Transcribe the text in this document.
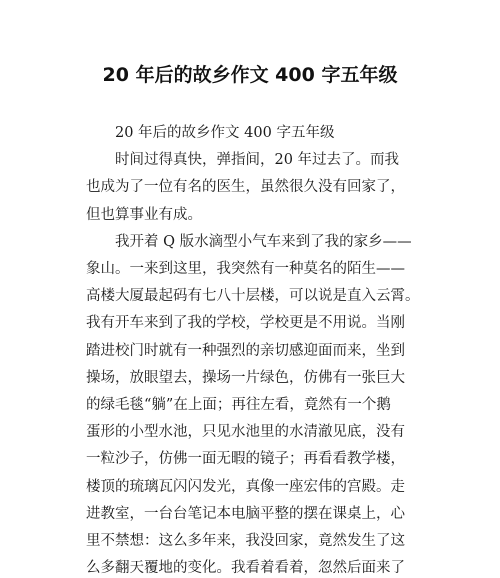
20 年后的故乡作文 400 字五年级
20 年后的故乡作文 400 字五年级
时间过得真快，弹指间，20 年过去了。而我
也成为了一位有名的医生，虽然很久没有回家了，
但也算事业有成。
我开着 Q 版水滴型小气车来到了我的家乡——
象山。一来到这里，我突然有一种莫名的陌生——
高楼大厦最起码有七八十层楼，可以说是直入云霄。
我有开车来到了我的学校，学校更是不用说。当刚
踏进校门时就有一种强烈的亲切感迎面而来，坐到
操场，放眼望去，操场一片绿色，仿佛有一张巨大
的绿毛毯“躺”在上面；再往左看，竟然有一个鹅
蛋形的小型水池，只见水池里的水清澈见底，没有
一粒沙子，仿佛一面无暇的镜子；再看看教学楼，
楼顶的琉璃瓦闪闪发光，真像一座宏伟的宫殿。走
进教室，一台台笔记本电脑平整的摆在课桌上，心
里不禁想：这么多年来，我没回家，竟然发生了这
么多翻天覆地的变化。我看着看着，忽然后面来了
